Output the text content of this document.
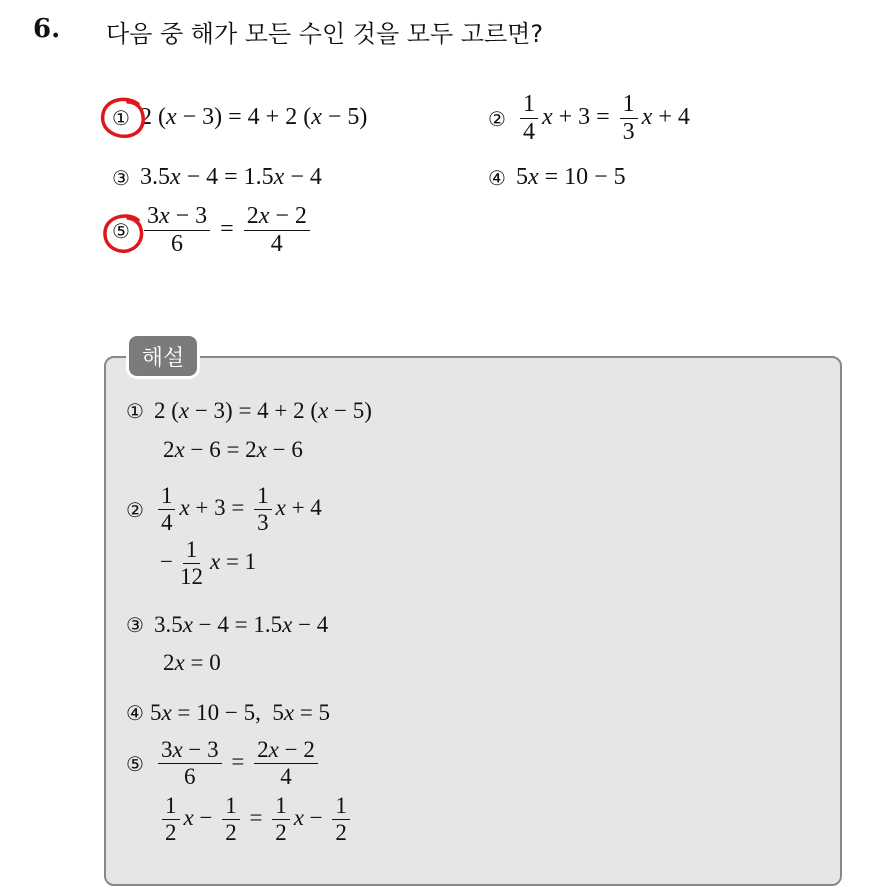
6. 다음 중 해가 모든 수인 것을 모두 고르면?
① 2 (x − 3) = 4 + 2 (x − 5)	② $\frac{1}{4}$ $x + 3 = \frac{1}{3}$ x + 4
③ 3.5x − 4 = 1.5x − 4	④ 5x = 10 − 5
⑤ $\frac{3x - 3}{6} = \frac{2x - 2}{4}$
해설
① 2 (x − 3) = 4 + 2 (x − 5)
2x − 6 = 2x − 6
② $\frac{1}{4}$ $x + 3 = \frac{1}{3}$ x + 4
− $\frac{1}{12}$ x = 1
③ 3.5x − 4 = 1.5x − 4
2x = 0
④ 5x = 10 − 5,  5x = 5
⑤ $\frac{3x - 3}{6} = \frac{2x - 2}{4}$
$\frac{1}{2}$ $x - \frac{1}{2} = \frac{1}{2}$ $x - \frac{1}{2}$
